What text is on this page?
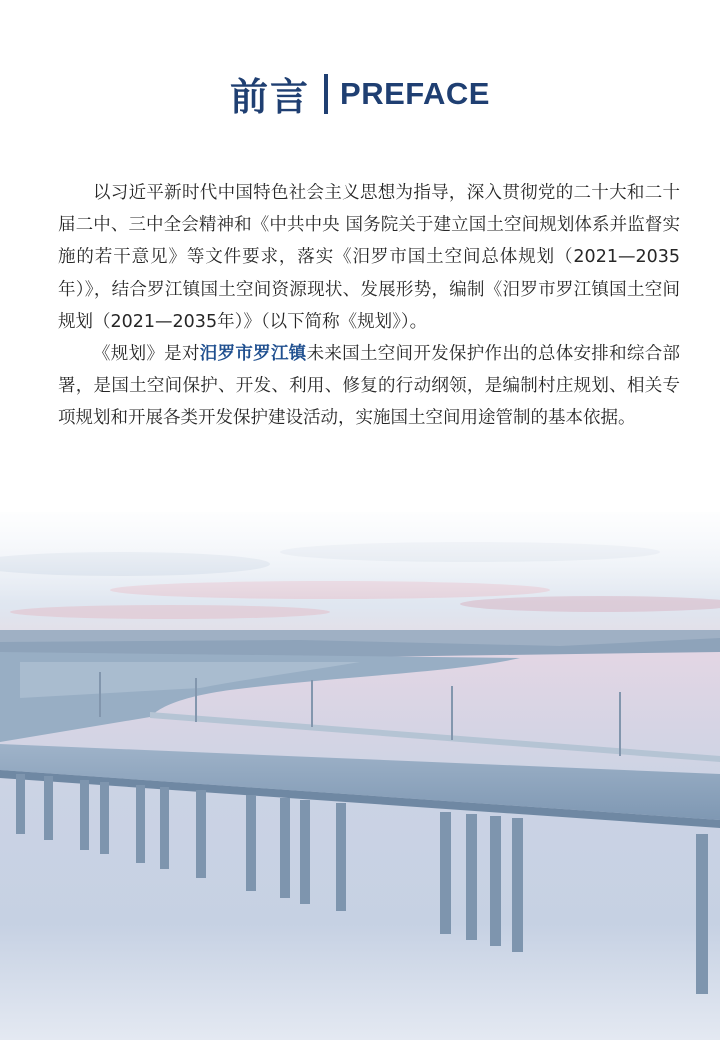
前言 PREFACE

以习近平新时代中国特色社会主义思想为指导，深入贯彻党的二十大和二十届二中、三中全会精神和《中共中央 国务院关于建立国土空间规划体系并监督实施的若干意见》等文件要求，落实《汨罗市国土空间总体规划（2021—2035年）》，结合罗江镇国土空间资源现状、发展形势，编制《汨罗市罗江镇国土空间规划（2021—2035年）》（以下简称《规划》）。

《规划》是对汨罗市罗江镇未来国土空间开发保护作出的总体安排和综合部署，是国土空间保护、开发、利用、修复的行动纲领，是编制村庄规划、相关专项规划和开展各类开发保护建设活动，实施国土空间用途管制的基本依据。
